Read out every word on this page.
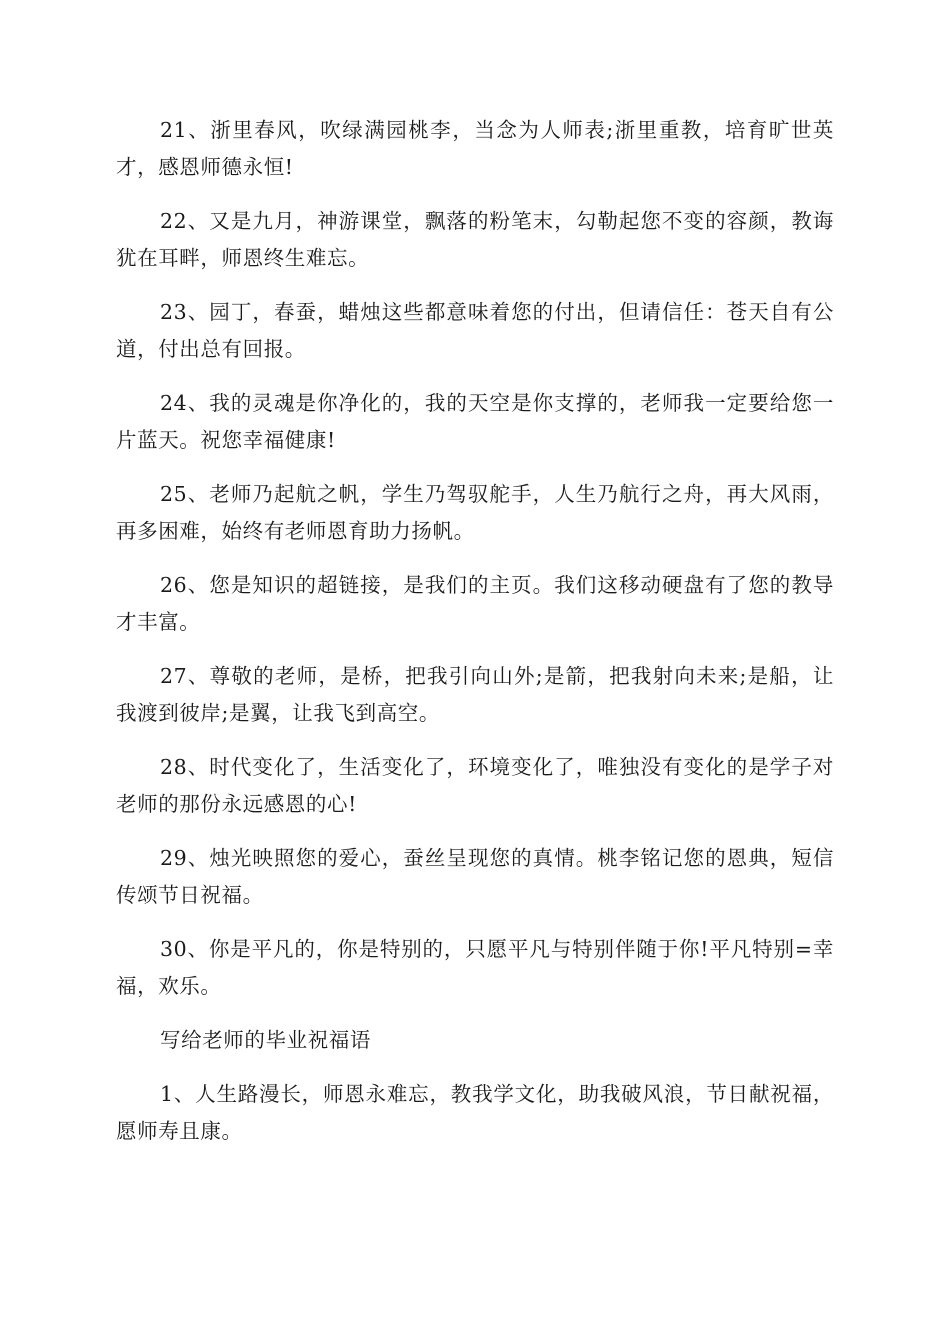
21、浙里春风，吹绿满园桃李，当念为人师表;浙里重教，培育旷世英才，感恩师德永恒!

22、又是九月，神游课堂，飘落的粉笔末，勾勒起您不变的容颜，教诲犹在耳畔，师恩终生难忘。

23、园丁，春蚕，蜡烛这些都意味着您的付出，但请信任：苍天自有公道，付出总有回报。

24、我的灵魂是你净化的，我的天空是你支撑的，老师我一定要给您一片蓝天。祝您幸福健康!

25、老师乃起航之帆，学生乃驾驭舵手，人生乃航行之舟，再大风雨，再多困难，始终有老师恩育助力扬帆。

26、您是知识的超链接，是我们的主页。我们这移动硬盘有了您的教导才丰富。

27、尊敬的老师，是桥，把我引向山外;是箭，把我射向未来;是船，让我渡到彼岸;是翼，让我飞到高空。

28、时代变化了，生活变化了，环境变化了，唯独没有变化的是学子对老师的那份永远感恩的心!

29、烛光映照您的爱心，蚕丝呈现您的真情。桃李铭记您的恩典，短信传颂节日祝福。

30、你是平凡的，你是特别的，只愿平凡与特别伴随于你!平凡特别=幸福，欢乐。

写给老师的毕业祝福语

1、人生路漫长，师恩永难忘，教我学文化，助我破风浪，节日献祝福，愿师寿且康。
